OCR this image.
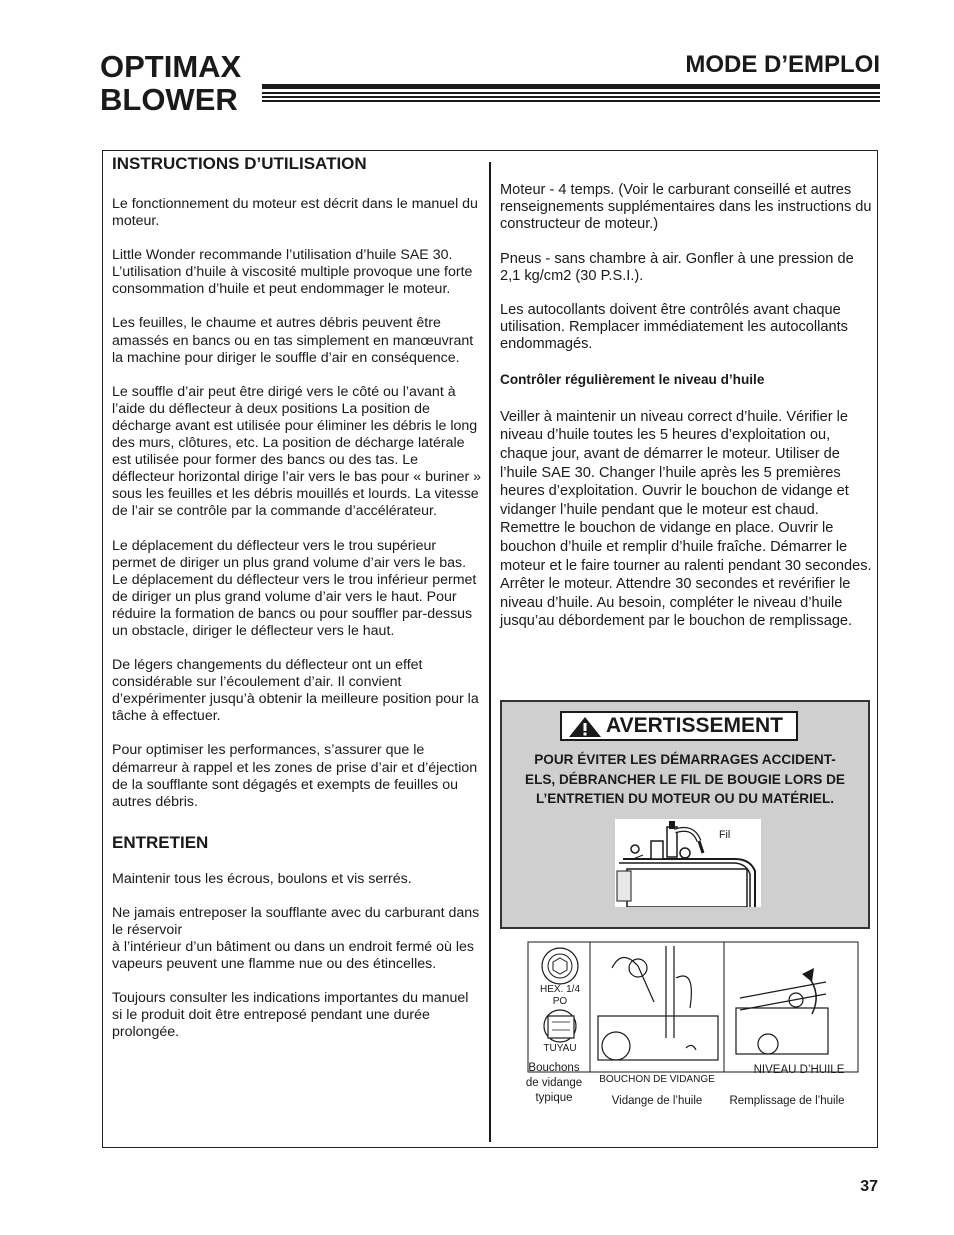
OPTIMAX
BLOWER
MODE D’EMPLOI
INSTRUCTIONS D’UTILISATION

Le fonctionnement du moteur est décrit dans le manuel du moteur.

Little Wonder recommande l’utilisation d’huile SAE 30. L’utilisation d’huile à viscosité multiple provoque une forte consommation d’huile et peut endommager le moteur.

Les feuilles, le chaume et autres débris peuvent être amassés en bancs ou en tas simplement en manœuvrant la machine pour diriger le souffle d’air en conséquence.

Le souffle d’air peut être dirigé vers le côté ou l’avant à l’aide du déflecteur à deux positions La position de décharge avant est utilisée pour éliminer les débris le long des murs, clôtures, etc. La position de décharge latérale est utilisée pour former des bancs ou des tas. Le déflecteur horizontal dirige l’air vers le bas pour « buriner » sous les feuilles et les débris mouillés et lourds. La vitesse de l’air se contrôle par la commande d’accélérateur.

Le déplacement du déflecteur vers le trou supérieur permet de diriger un plus grand volume d’air vers le bas. Le déplacement du déflecteur vers le trou inférieur permet de diriger un plus grand volume d’air vers le haut. Pour réduire la formation de bancs ou pour souffler par-dessus un obstacle, diriger le déflecteur vers le haut.

De légers changements du déflecteur ont un effet considérable sur l’écoulement d’air. Il convient d’expérimenter jusqu’à obtenir la meilleure position pour la tâche à effectuer.

Pour optimiser les performances, s’assurer que le démarreur à rappel et les zones de prise d’air et d’éjection de la soufflante sont dégagés et exempts de feuilles ou autres débris.

ENTRETIEN

Maintenir tous les écrous, boulons et vis serrés.

Ne jamais entreposer la soufflante avec du carburant dans le réservoir

à l’intérieur d’un bâtiment ou dans un endroit fermé où les vapeurs peuvent une flamme nue ou des étincelles.

Toujours consulter les indications importantes du manuel si le produit doit être entreposé pendant une durée prolongée.

Moteur - 4 temps. (Voir le carburant conseillé et autres renseignements supplémentaires dans les instructions du constructeur de moteur.)

Pneus - sans chambre à air. Gonfler à une pression de 2,1 kg/cm2 (30 P.S.I.).

Les autocollants doivent être contrôlés avant chaque utilisation. Remplacer immédiatement les autocollants endommagés.

Contrôler régulièrement le niveau d’huile

Veiller à maintenir un niveau correct d’huile. Vérifier le niveau d’huile toutes les 5 heures d’exploitation ou, chaque jour, avant de démarrer le moteur. Utiliser de l’huile SAE 30. Changer l’huile après les 5 premières heures d’exploitation. Ouvrir le bouchon de vidange et vidanger l’huile pendant que le moteur est chaud. Remettre le bouchon de vidange en place. Ouvrir le bouchon d’huile et remplir d’huile fraîche. Démarrer le moteur et le faire tourner au ralenti pendant 30 secondes. Arrêter le moteur. Attendre 30 secondes et revérifier le niveau d’huile. Au besoin, compléter le niveau d’huile jusqu’au débordement par le bouchon de remplissage.

AVERTISSEMENT
POUR ÉVITER LES DÉMARRAGES ACCIDENT-
ELS, DÉBRANCHER LE FIL DE BOUGIE LORS DE
L’ENTRETIEN DU MOTEUR OU DU MATÉRIEL.
Fil
HEX. 1/4
PO
TUYAU
Bouchons
de vidange
typique
BOUCHON DE VIDANGE
Vidange de l’huile
NIVEAU D’HUILE
Remplissage de l’huile
37
